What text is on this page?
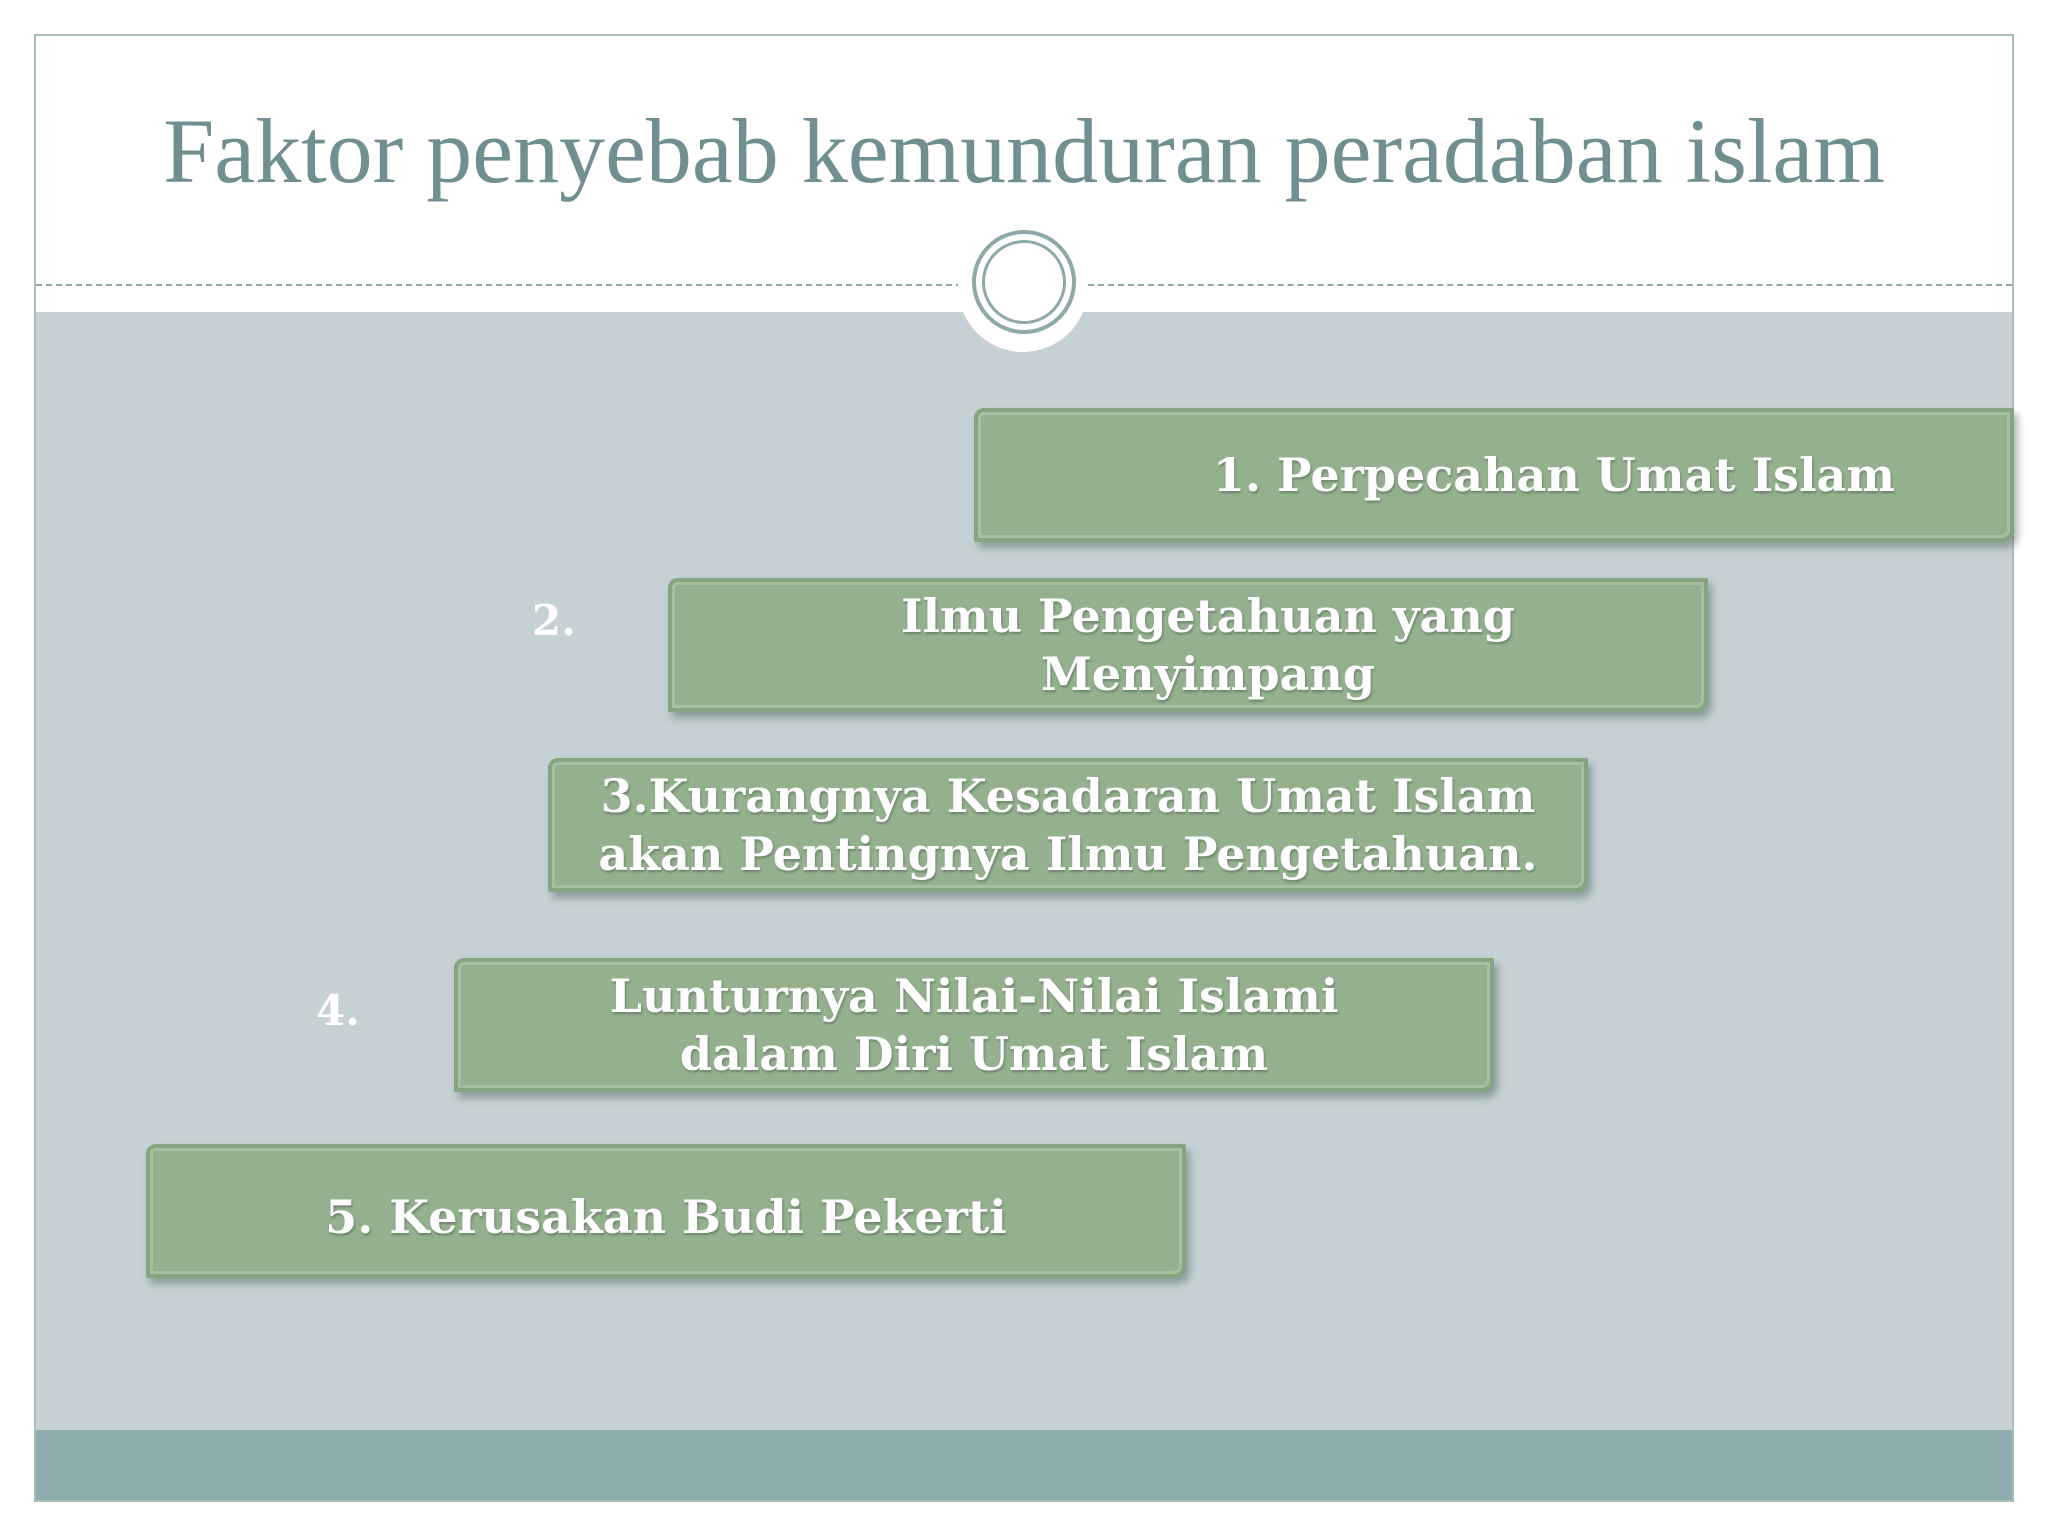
Faktor penyebab kemunduran peradaban islam
1. Perpecahan Umat Islam
2.	Ilmu Pengetahuan yang
Menyimpang
3.Kurangnya Kesadaran Umat Islam
akan Pentingnya Ilmu Pengetahuan.
4.	Lunturnya Nilai-Nilai Islami
dalam Diri Umat Islam
5. Kerusakan Budi Pekerti
